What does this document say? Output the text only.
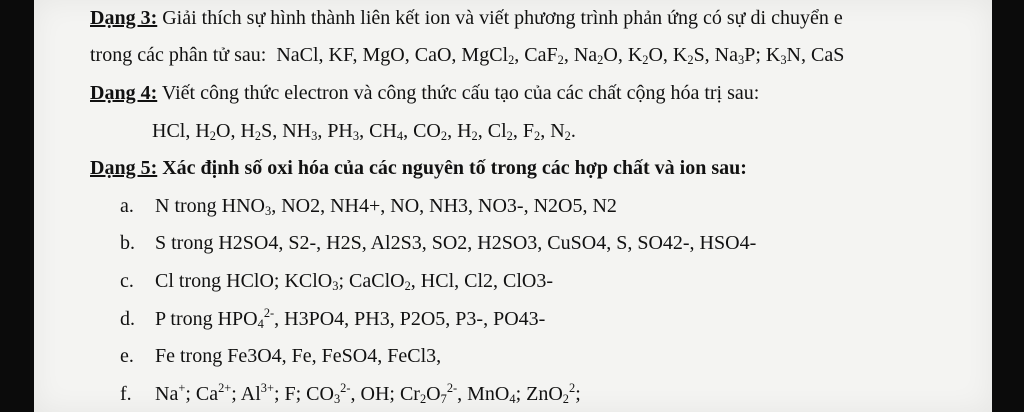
Dạng 3: Giải thích sự hình thành liên kết ion và viết phương trình phản ứng có sự di chuyển e
trong các phân tử sau:  NaCl, KF, MgO, CaO, MgCl$_2$, CaF$_2$, $Na_2O$, $K_2O$, $K_2S$, $Na_3P$; $K_3N$, CaS
Dạng 4: Viết công thức electron và công thức cấu tạo của các chất cộng hóa trị sau:
HCl, $H_2O$, $H_2S$, $NH_3$, $PH_3$, $CH_4$, $CO_2$, $H_2$, $Cl_2$, $F_2$, $N_2$.
Dạng 5: Xác định số oxi hóa của các nguyên tố trong các hợp chất và ion sau:
a. N trong $HNO_3$, NO2, NH4+, NO, NH3, NO3-, N2O5, N2
b. S trong H2SO4, S2-, H2S, Al2S3, SO2, H2SO3, CuSO4, S, SO42-, HSO4-
c. Cl trong HClO; KClO$_3$; CaClO$_2$, HCl, Cl2, ClO3-
d. P trong $HPO_4^{2-}$, H3PO4, PH3, P2O5, P3-, PO43-
e. Fe trong Fe3O4, Fe, FeSO4, FeCl3,
f. Na+; $Ca^{2+}$; $Al^{3+}$; F; $CO_3^{2-}$, OH; $Cr_2O_7^{2-}$, MnO$_4$; ZnO$_2^2$;
